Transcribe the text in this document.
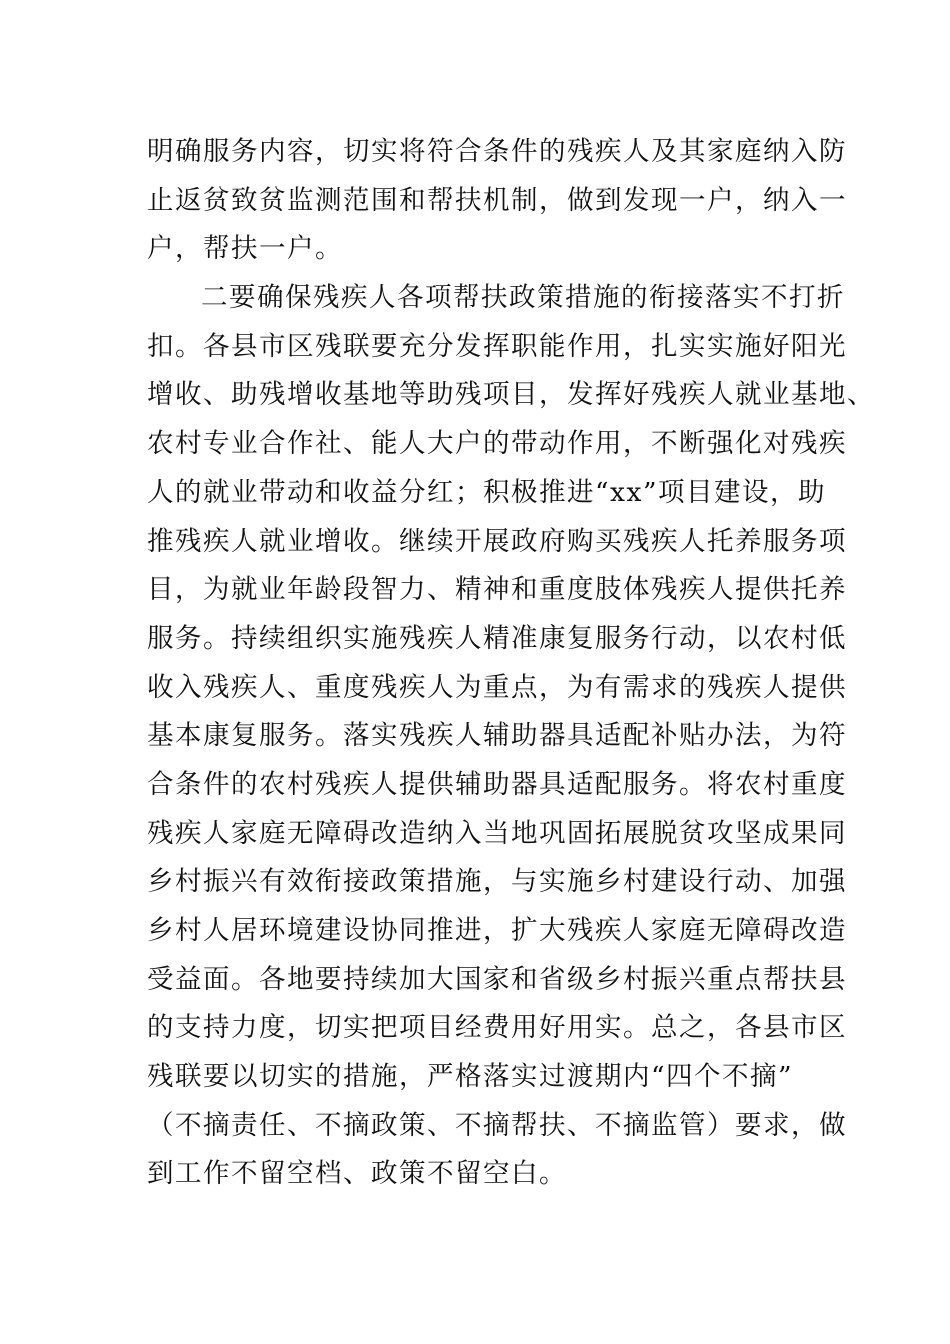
明确服务内容，切实将符合条件的残疾人及其家庭纳入防
止返贫致贫监测范围和帮扶机制，做到发现一户，纳入一
户，帮扶一户。
二要确保残疾人各项帮扶政策措施的衔接落实不打折
扣。各县市区残联要充分发挥职能作用，扎实实施好阳光
增收、助残增收基地等助残项目，发挥好残疾人就业基地、
农村专业合作社、能人大户的带动作用，不断强化对残疾
人的就业带动和收益分红；积极推进“xx”项目建设，助
推残疾人就业增收。继续开展政府购买残疾人托养服务项
目，为就业年龄段智力、精神和重度肢体残疾人提供托养
服务。持续组织实施残疾人精准康复服务行动，以农村低
收入残疾人、重度残疾人为重点，为有需求的残疾人提供
基本康复服务。落实残疾人辅助器具适配补贴办法，为符
合条件的农村残疾人提供辅助器具适配服务。将农村重度
残疾人家庭无障碍改造纳入当地巩固拓展脱贫攻坚成果同
乡村振兴有效衔接政策措施，与实施乡村建设行动、加强
乡村人居环境建设协同推进，扩大残疾人家庭无障碍改造
受益面。各地要持续加大国家和省级乡村振兴重点帮扶县
的支持力度，切实把项目经费用好用实。总之，各县市区
残联要以切实的措施，严格落实过渡期内“四个不摘”
（不摘责任、不摘政策、不摘帮扶、不摘监管）要求，做
到工作不留空档、政策不留空白。
